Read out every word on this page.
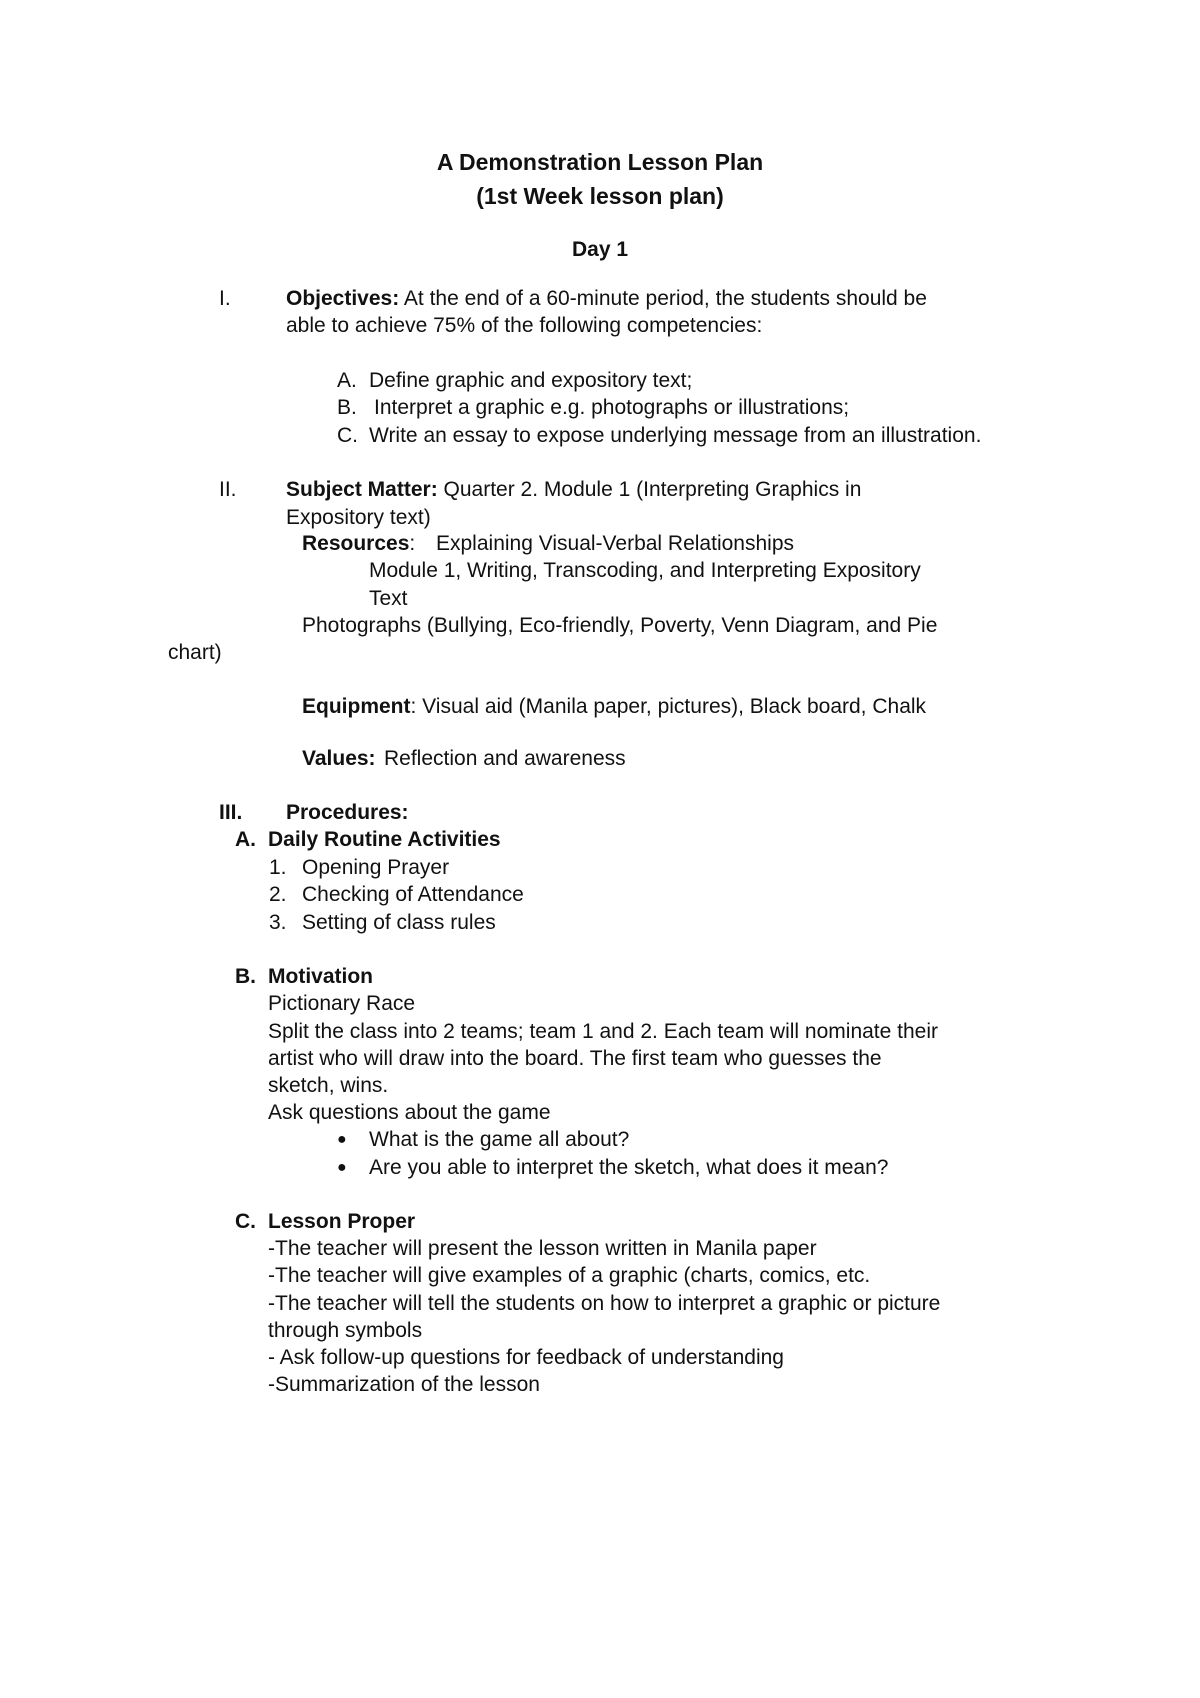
A Demonstration Lesson Plan
(1st Week lesson plan)
Day 1
I.	Objectives: At the end of a 60-minute period, the students should be
able to achieve 75% of the following competencies:
A. Define graphic and expository text;
B. Interpret a graphic e.g. photographs or illustrations;
C. Write an essay to expose underlying message from an illustration.
II. Subject Matter: Quarter 2. Module 1 (Interpreting Graphics in
Expository text)
Resources: Explaining Visual-Verbal Relationships
Module 1, Writing, Transcoding, and Interpreting Expository
Text
Photographs (Bullying, Eco-friendly, Poverty, Venn Diagram, and Pie
chart)
Equipment: Visual aid (Manila paper, pictures), Black board, Chalk
Values: Reflection and awareness
III. Procedures:
A. Daily Routine Activities
1. Opening Prayer
2. Checking of Attendance
3. Setting of class rules
B. Motivation
Pictionary Race
Split the class into 2 teams; team 1 and 2. Each team will nominate their
artist who will draw into the board. The first team who guesses the
sketch, wins.
Ask questions about the game
● What is the game all about?
● Are you able to interpret the sketch, what does it mean?
C. Lesson Proper
-The teacher will present the lesson written in Manila paper
-The teacher will give examples of a graphic (charts, comics, etc.
-The teacher will tell the students on how to interpret a graphic or picture
through symbols
- Ask follow-up questions for feedback of understanding
-Summarization of the lesson
